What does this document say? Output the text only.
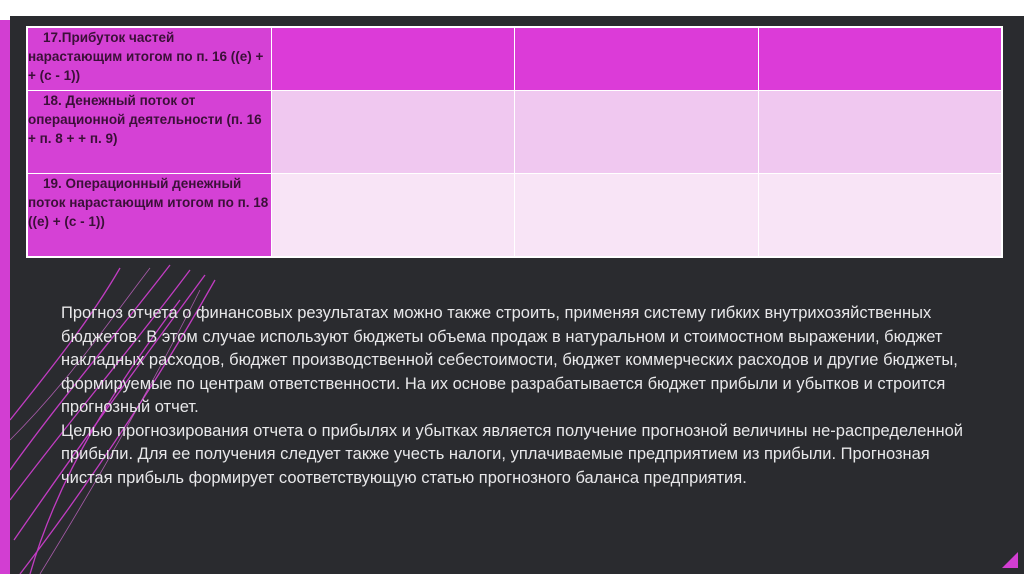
17.Прибуток частей нарастающим итогом по п. 16 ((е) + + (с - 1))			
18. Денежный поток от операционной деятельности (п. 16 + п. 8 + + п. 9)			
19. Операционный денежный поток нарастающим итогом по п. 18 ((е) + (с - 1))			

Прогноз отчета о финансовых результатах можно также строить, применяя систему гибких внутрихозяйственных бюджетов. В этом случае используют бюджеты объема продаж в натуральном и стоимостном выражении, бюджет накладных расходов, бюджет производственной себестоимости, бюджет коммерческих расходов и другие бюджеты, формируемые по центрам ответственности. На их основе разрабатывается бюджет прибыли и убытков и строится прогнозный отчет.

Целью прогнозирования отчета о прибылях и убытках является получение прогнозной величины не-распределенной прибыли. Для ее получения следует также учесть налоги, уплачиваемые предприятием из прибыли. Прогнозная чистая прибыль формирует соответствующую статью прогнозного баланса предприятия.
